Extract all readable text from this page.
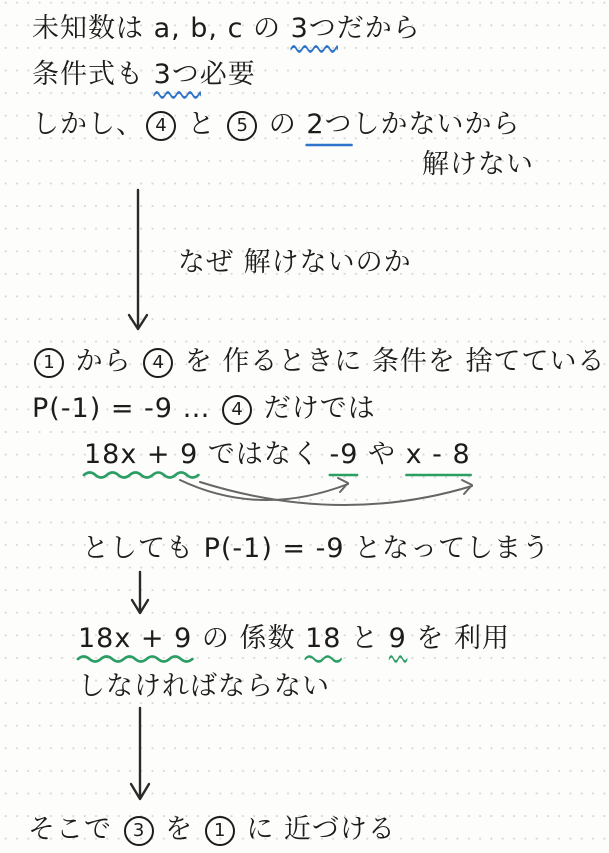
未知数は a, b, c の 3つ
だから
条件式も 3つ
必要
しかし、 4 と 5 の 2つ
しかないから
解けない
なぜ 解けないのか
1 から 4 を 作るときに 条件を 捨てている
P(-1) = -9 … 4 だけでは
18x + 9
ではなく -9
や x - 8
としても P(-1) = -9 となってしまう
18x + 9
の 係数 18
と 9
を 利用
しなければならない
そこで 3 を 1 に 近づける
